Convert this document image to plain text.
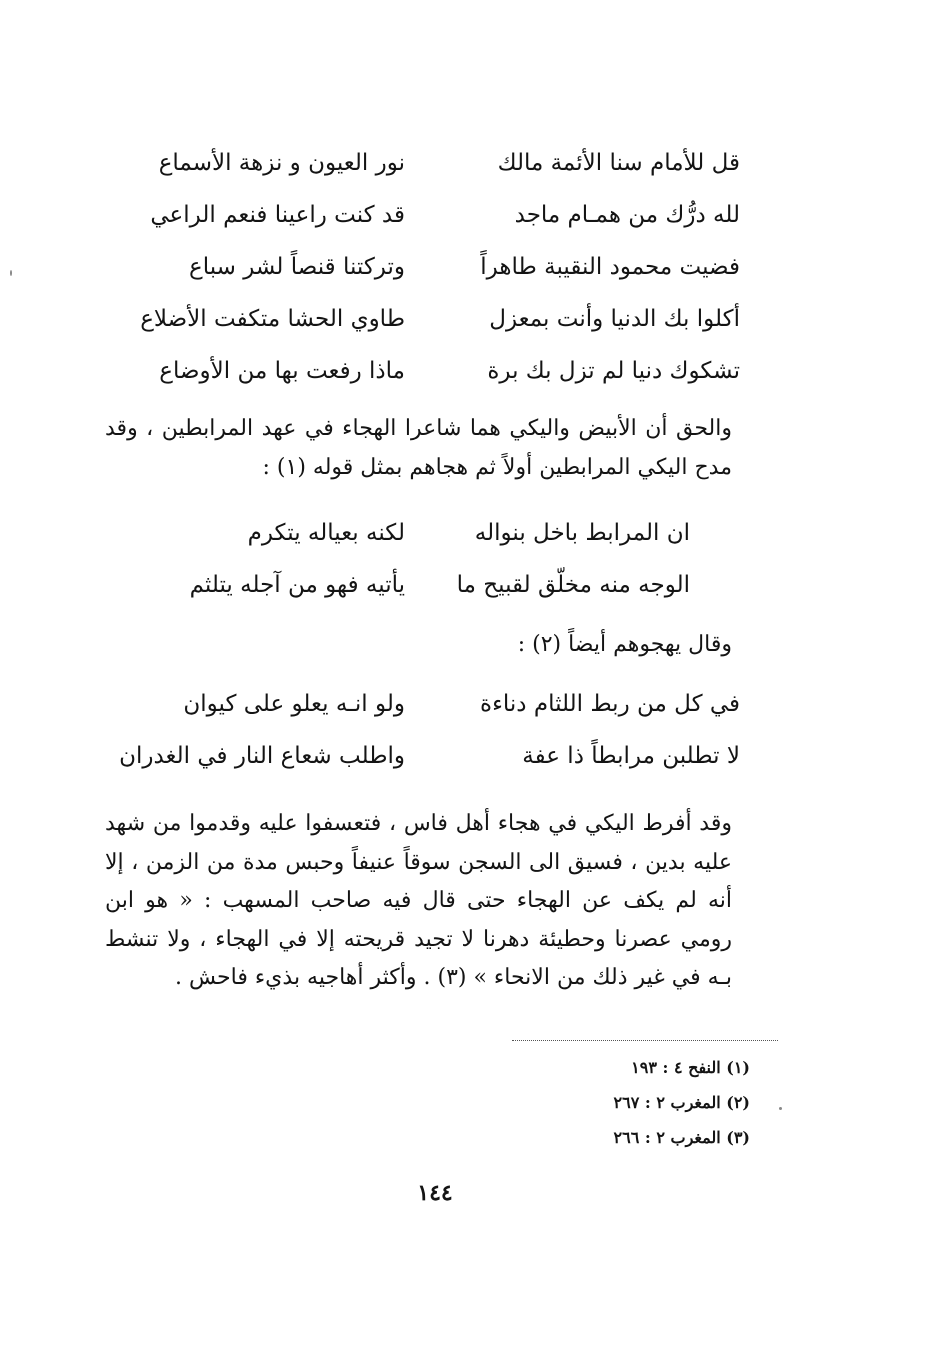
قل للأمام سنا الأئمة مالك
نور العيون و نزهة الأسماع
لله درُّك من همـام ماجد
قد كنت راعينا فنعم الراعي
فضيت محمود النقيبة طاهراً
وتركتنا قنصاً لشر سباع
أكلوا بك الدنيا وأنت بمعزل
طاوي الحشا متكفت الأضلاع
تشكوك دنيا لم تزل بك برة
ماذا رفعت بها من الأوضاع
والحق أن الأبيض واليكي هما شاعرا الهجاء في عهد المرابطين ، وقد مدح اليكي المرابطين أولاً ثم هجاهم بمثل قوله (١) :
ان المرابط باخل بنواله
لكنه بعياله يتكرم
الوجه منه مخلّق لقبيح ما
يأتيه فهو من آجله يتلثم
وقال يهجوهم أيضاً (٢) :
في كل من ربط اللثام دناءة
ولو انـه يعلو على كيوان
لا تطلبن مرابطاً ذا عفة
واطلب شعاع النار في الغدران
وقد أفرط اليكي في هجاء أهل فاس ، فتعسفوا عليه وقدموا من شهد عليه بدين ، فسيق الى السجن سوقاً عنيفاً وحبس مدة من الزمن ، إلا أنه لم يكف عن الهجاء حتى قال فيه صاحب المسهب : « هو ابن رومي عصرنا وحطيئة دهرنا لا تجيد قريحته إلا في الهجاء ، ولا تنشط بـه في غير ذلك من الانحاء » (٣) . وأكثر أهاجيه بذيء فاحش .
(١) النفح ٤ : ١٩٣
(٢) المغرب ٢ : ٢٦٧
(٣) المغرب ٢ : ٢٦٦
١٤٤
